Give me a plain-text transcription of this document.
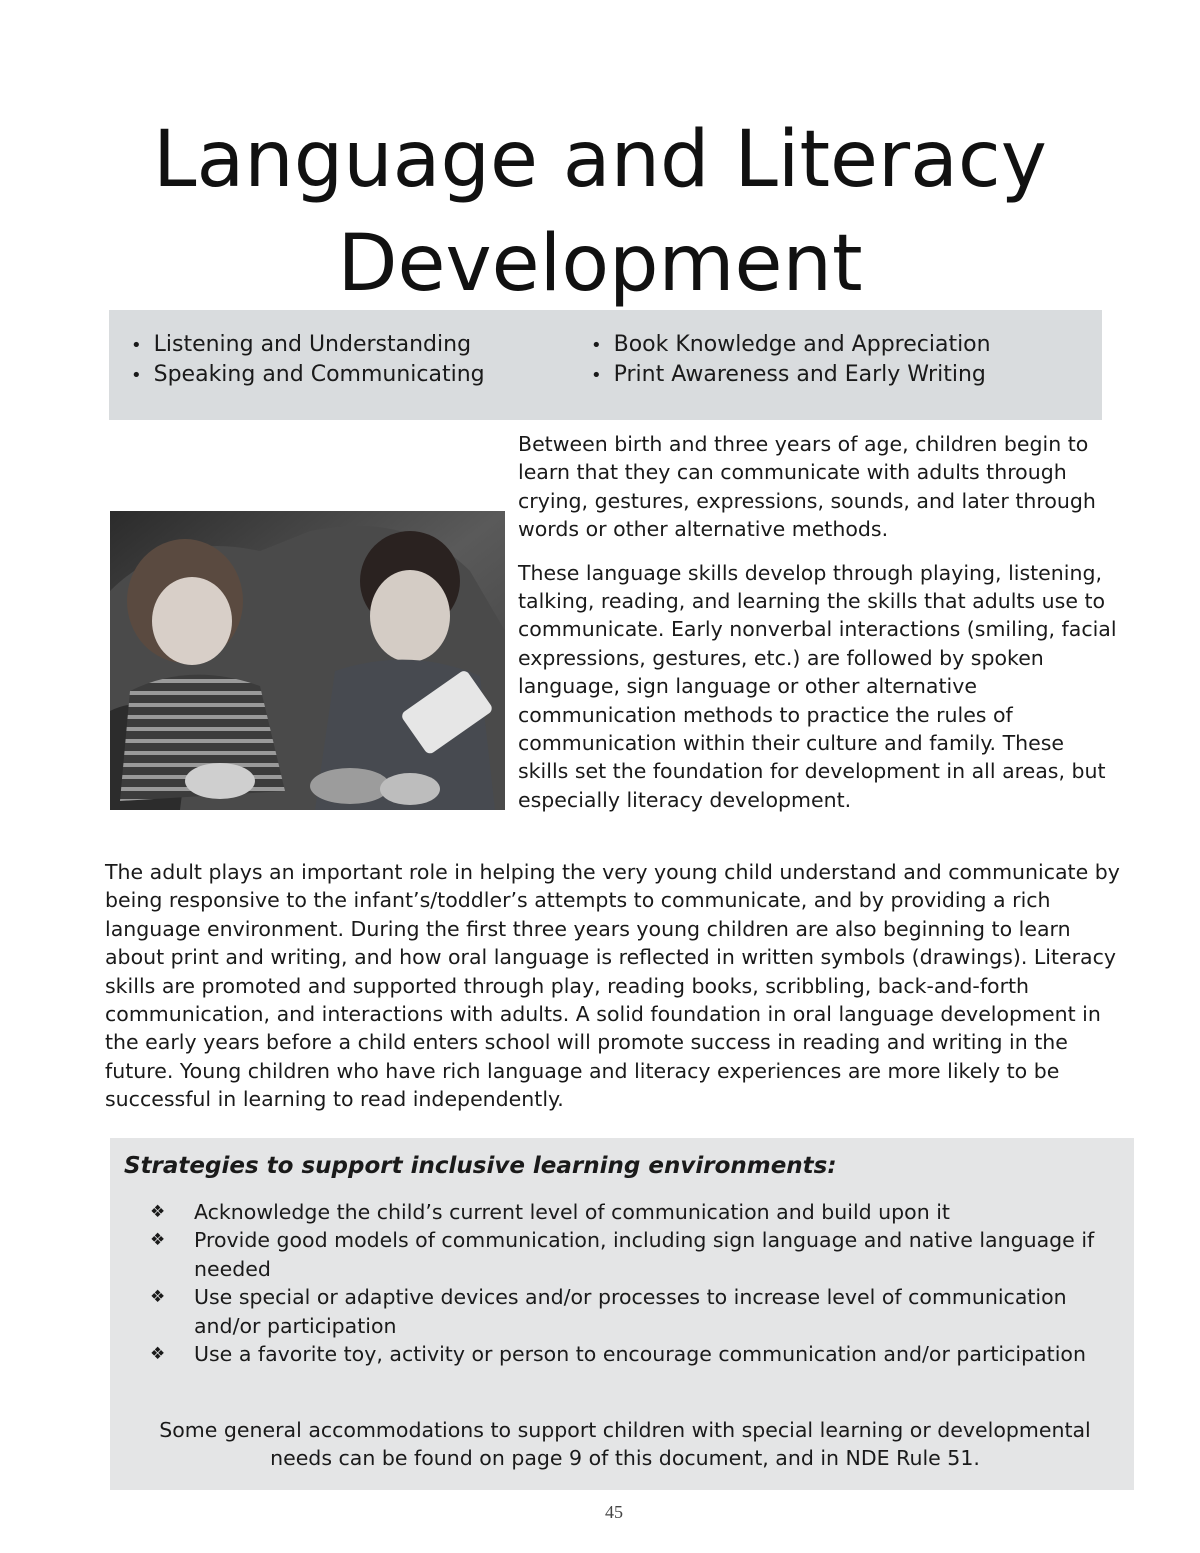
Language and Literacy
Development
• Listening and Understanding
• Speaking and Communicating
• Book Knowledge and Appreciation
• Print Awareness and Early Writing

Between birth and three years of age, children begin to learn that they can communicate with adults through crying, gestures, expressions, sounds, and later through words or other alternative methods.

These language skills develop through playing, listening, talking, reading, and learning the skills that adults use to communicate. Early nonverbal interactions (smiling, facial expressions, gestures, etc.) are followed by spoken language, sign language or other alternative communication methods to practice the rules of communication within their culture and family. These skills set the foundation for development in all areas, but especially literacy development.

The adult plays an important role in helping the very young child understand and communicate by being responsive to the infant’s/toddler’s attempts to communicate, and by providing a rich language environment. During the first three years young children are also beginning to learn about print and writing, and how oral language is reflected in written symbols (drawings). Literacy skills are promoted and supported through play, reading books, scribbling, back-and-forth communication, and interactions with adults. A solid foundation in oral language development in the early years before a child enters school will promote success in reading and writing in the future. Young children who have rich language and literacy experiences are more likely to be successful in learning to read independently.

Strategies to support inclusive learning environments:
❖ Acknowledge the child’s current level of communication and build upon it
❖ Provide good models of communication, including sign language and native language if needed
❖ Use special or adaptive devices and/or processes to increase level of communication and/or participation
❖ Use a favorite toy, activity or person to encourage communication and/or participation

Some general accommodations to support children with special learning or developmental needs can be found on page 9 of this document, and in NDE Rule 51.

45
